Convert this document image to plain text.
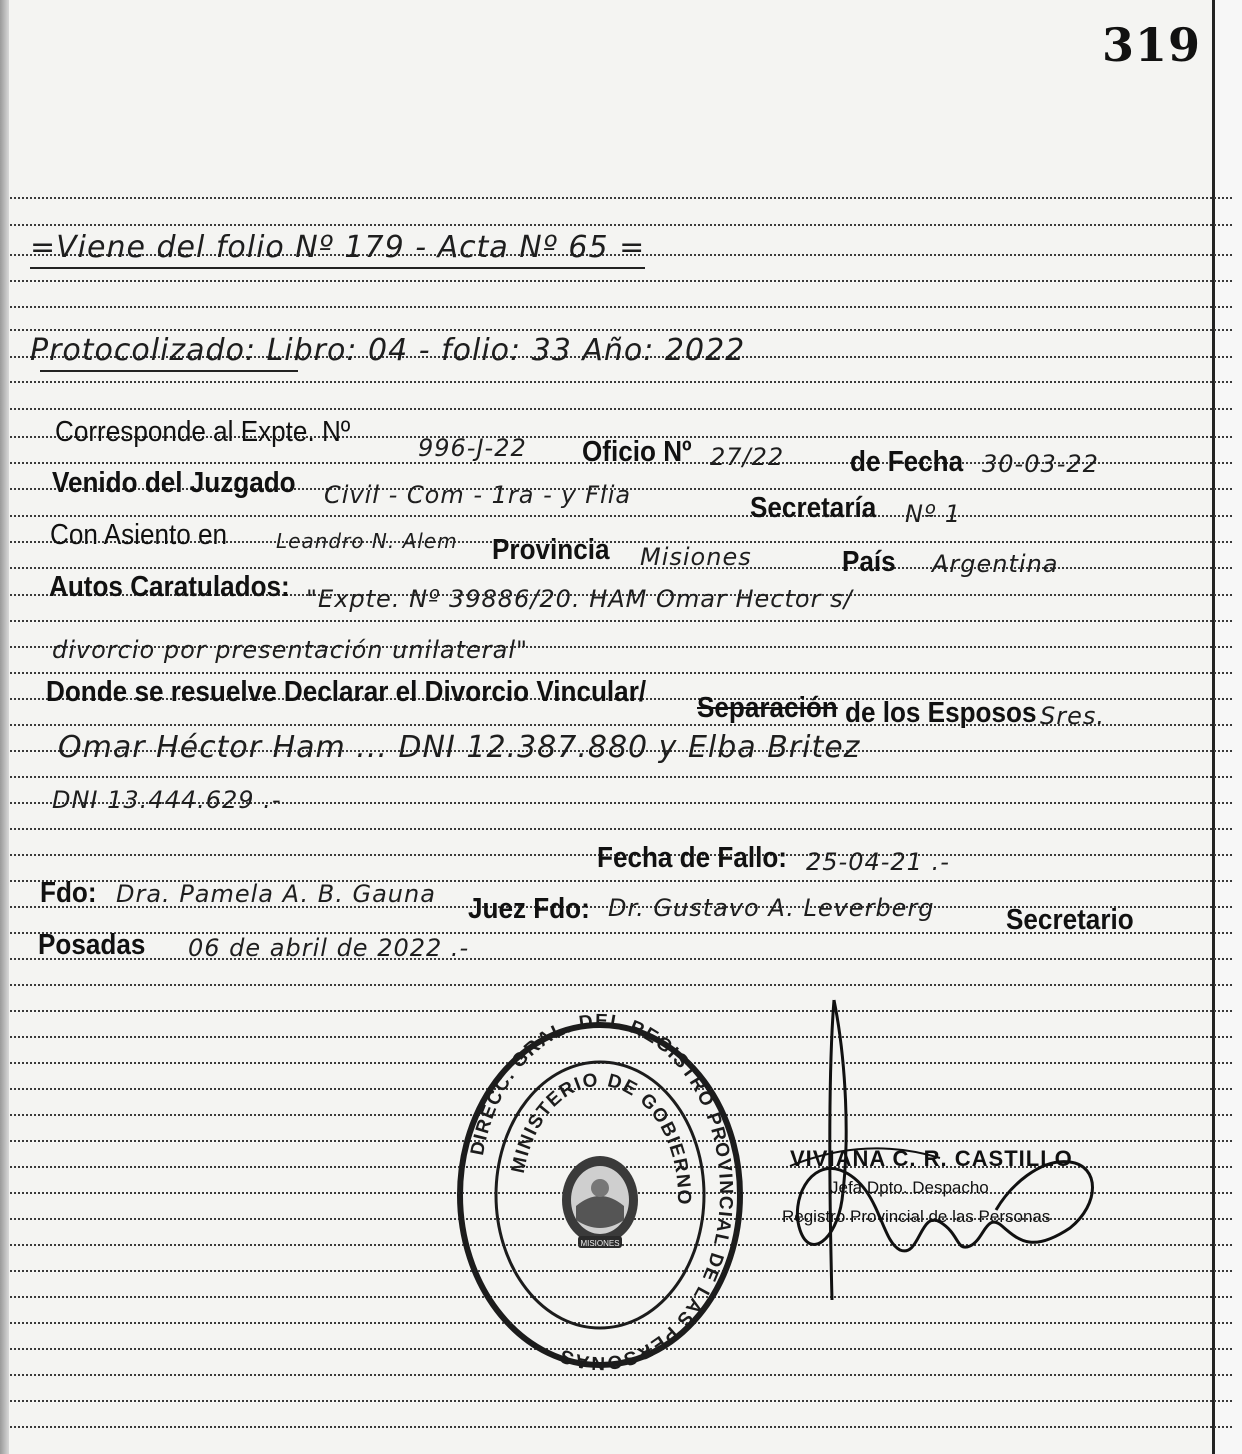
319
=Viene del folio Nº 179 - Acta Nº 65 =
Protocolizado: Libro: 04 - folio: 33 Año: 2022
Corresponde al Expte. Nº	996-J-22 Oficio Nº 27/22 de Fecha 30-03-22
Venido del Juzgado Civil - Com - 1ra - y Flia	Secretaría Nº 1
Con Asiento en Leandro N. Alem Provincia Misiones	País Argentina
Autos Caratulados: "Expte. Nº 39886/20. HAM Omar Hector s/
divorcio por presentación unilateral"
Donde se resuelve Declarar el Divorcio Vincular/ Separación de los Esposos Sres.
Omar Héctor Ham ... DNI 12.387.880 y Elba Britez
DNI 13.444.629 .-
Fecha de Fallo: 25-04-21 .-
Fdo: Dra. Pamela A. B. Gauna Juez Fdo: Dr. Gustavo A. Leverberg Secretario
Posadas 06 de abril de 2022 .-
DIRECC. GRAL. DEL REGISTRO PROVINCIAL DE LAS PERSONAS
MINISTERIO DE GOBIERNO
MISIONES
VIVIANA C. R. CASTILLO
Jefa Dpto. Despacho
Registro Provincial de las Personas
